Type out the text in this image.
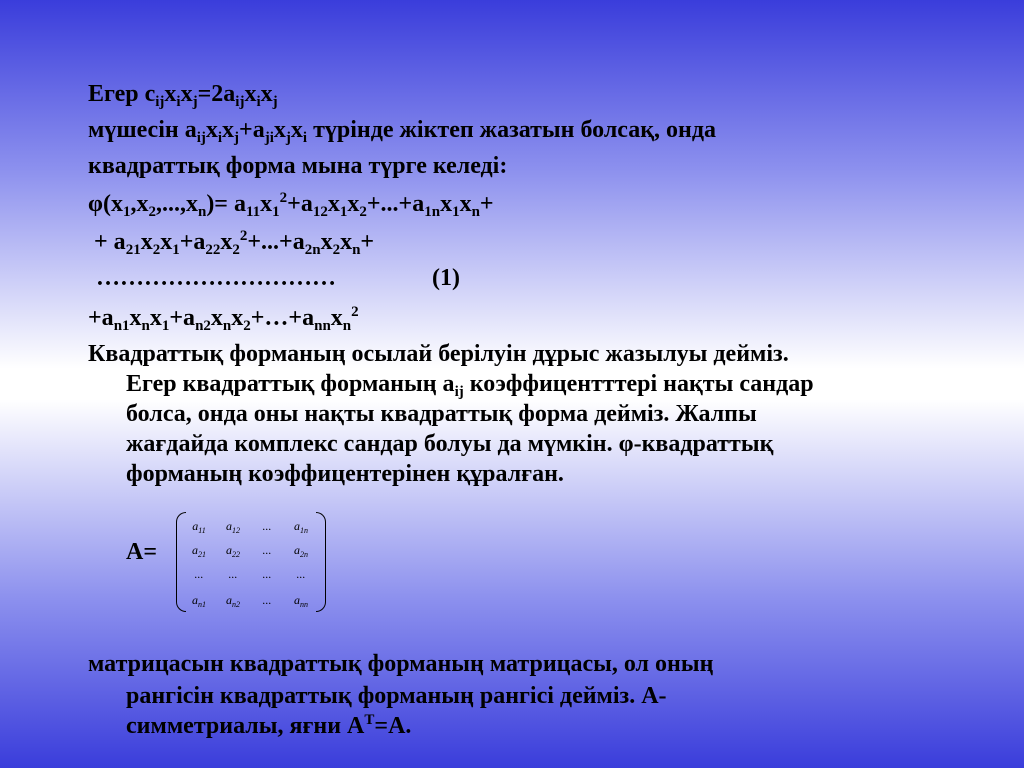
Егер $c_{ij}x_ix_j=2a_{ij}x_ix_j$
мүшесін $a_{ij}x_ix_j+a_{ji}x_jx_i$ түрінде жіктеп жазатын болсақ, онда
квадраттық форма мына түрге келеді:
$\varphi(x_1,x_2,...,x_n)= a_{11}x_1^2+a_{12}x_1x_2+...+a_{1n}x_1x_n+$
+ $a_{21}x_2x_1+a_{22}x_2^2+...+a_{2n}x_2x_n+$
…………………………	(1)
$+a_{n1}x_nx_1+a_{n2}x_nx_2+\dots+a_{nn}x_n^2$
Квадраттық форманың осылай берілуін дұрыс жазылуы дейміз.
Егер квадраттық форманың $a_{ij}$ коэффицентттері нақты сандар
болса, онда оны нақты квадраттық форма дейміз. Жалпы
жағдайда комплекс сандар болуы да мүмкін. φ-квадраттық
форманың коэффицентерінен құралған.
A=
$a_{11}$	$a_{12}$	...	$a_{1n}$
$a_{21}$	$a_{22}$	...	$a_{2n}$
...	...	...	...
$a_{n1}$	$a_{n2}$	...	$a_{nn}$
матрицасын квадраттық форманың матрицасы, ол оның
рангісін квадраттық форманың рангісі дейміз. А-
симметриалы, яғни $А^Т=А$.
